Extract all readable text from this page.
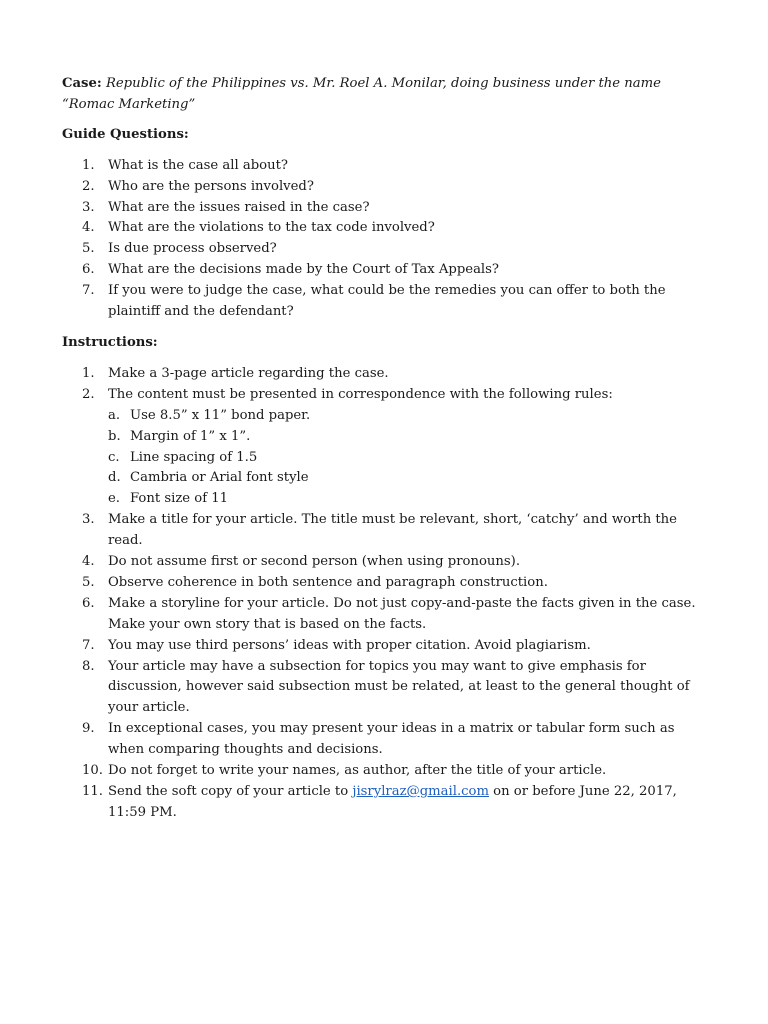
Case: Republic of the Philippines vs. Mr. Roel A. Monilar, doing business under the name “Romac Marketing”

Guide Questions:

1.	What is the case all about?
2.	Who are the persons involved?
3.	What are the issues raised in the case?
4.	What are the violations to the tax code involved?
5.	Is due process observed?
6.	What are the decisions made by the Court of Tax Appeals?
7.	If you were to judge the case, what could be the remedies you can offer to both the plaintiff and the defendant?

Instructions:

1.	Make a 3-page article regarding the case.
2.	The content must be presented in correspondence with the following rules:
a. Use 8.5” x 11” bond paper.
b. Margin of 1” x 1”.
c. Line spacing of 1.5
d. Cambria or Arial font style
e. Font size of 11
3.	Make a title for your article. The title must be relevant, short, ‘catchy’ and worth the read.
4.	Do not assume first or second person (when using pronouns).
5.	Observe coherence in both sentence and paragraph construction.
6.	Make a storyline for your article. Do not just copy-and-paste the facts given in the case. Make your own story that is based on the facts.
7.	You may use third persons’ ideas with proper citation. Avoid plagiarism.
8.	Your article may have a subsection for topics you may want to give emphasis for discussion, however said subsection must be related, at least to the general thought of your article.
9.	In exceptional cases, you may present your ideas in a matrix or tabular form such as when comparing thoughts and decisions.
10. Do not forget to write your names, as author, after the title of your article.
11. Send the soft copy of your article to jisrylraz@gmail.com on or before June 22, 2017, 11:59 PM.
